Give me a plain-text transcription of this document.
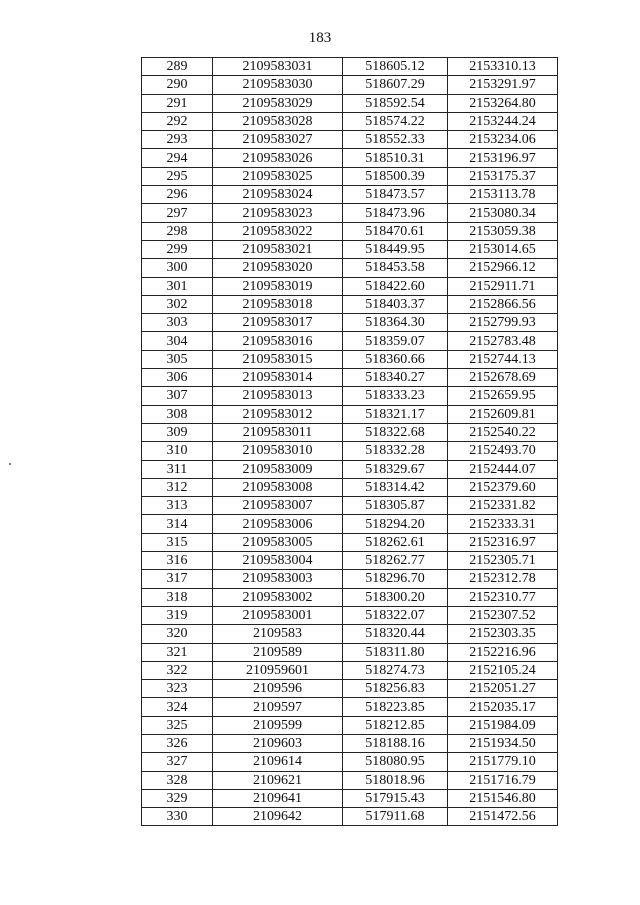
183
289	2109583031	518605.12	2153310.13
290	2109583030	518607.29	2153291.97
291	2109583029	518592.54	2153264.80
292	2109583028	518574.22	2153244.24
293	2109583027	518552.33	2153234.06
294	2109583026	518510.31	2153196.97
295	2109583025	518500.39	2153175.37
296	2109583024	518473.57	2153113.78
297	2109583023	518473.96	2153080.34
298	2109583022	518470.61	2153059.38
299	2109583021	518449.95	2153014.65
300	2109583020	518453.58	2152966.12
301	2109583019	518422.60	2152911.71
302	2109583018	518403.37	2152866.56
303	2109583017	518364.30	2152799.93
304	2109583016	518359.07	2152783.48
305	2109583015	518360.66	2152744.13
306	2109583014	518340.27	2152678.69
307	2109583013	518333.23	2152659.95
308	2109583012	518321.17	2152609.81
309	2109583011	518322.68	2152540.22
310	2109583010	518332.28	2152493.70
311	2109583009	518329.67	2152444.07
312	2109583008	518314.42	2152379.60
313	2109583007	518305.87	2152331.82
314	2109583006	518294.20	2152333.31
315	2109583005	518262.61	2152316.97
316	2109583004	518262.77	2152305.71
317	2109583003	518296.70	2152312.78
318	2109583002	518300.20	2152310.77
319	2109583001	518322.07	2152307.52
320	2109583	518320.44	2152303.35
321	2109589	518311.80	2152216.96
322	210959601	518274.73	2152105.24
323	2109596	518256.83	2152051.27
324	2109597	518223.85	2152035.17
325	2109599	518212.85	2151984.09
326	2109603	518188.16	2151934.50
327	2109614	518080.95	2151779.10
328	2109621	518018.96	2151716.79
329	2109641	517915.43	2151546.80
330	2109642	517911.68	2151472.56
